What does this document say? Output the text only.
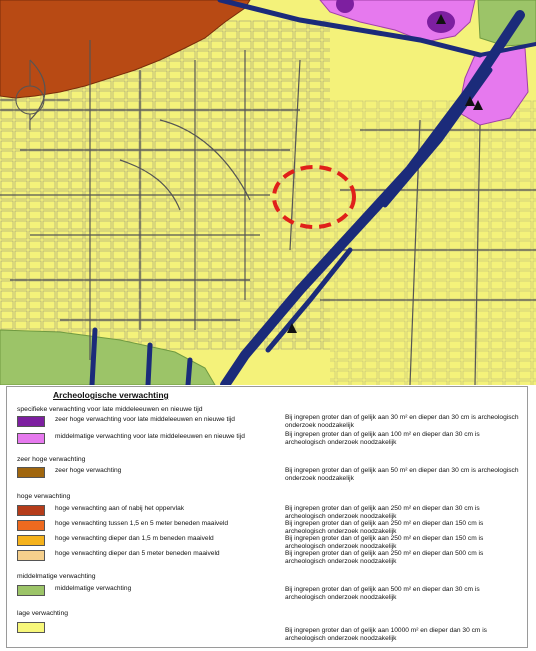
Archeologische verwachting
specifieke verwachting voor late middeleeuwen en nieuwe tijd
zeer hoge verwachting voor late middeleeuwen en nieuwe tijd	Bij ingrepen groter dan of gelijk aan 30 m² en dieper dan 30 cm is archeologisch onderzoek noodzakelijk
middelmatige verwachting voor late middeleeuwen en nieuwe tijd	Bij ingrepen groter dan of gelijk aan 100 m² en dieper dan 30 cm is archeologisch onderzoek noodzakelijk
zeer hoge verwachting
zeer hoge verwachting	Bij ingrepen groter dan of gelijk aan 50 m² en dieper dan 30 cm is archeologisch onderzoek noodzakelijk
hoge verwachting
hoge verwachting aan of nabij het oppervlak	Bij ingrepen groter dan of gelijk aan 250 m² en dieper dan 30 cm is archeologisch onderzoek noodzakelijk
hoge verwachting tussen 1,5 en 5 meter beneden maaiveld	Bij ingrepen groter dan of gelijk aan 250 m² en dieper dan 150 cm is archeologisch onderzoek noodzakelijk
hoge verwachting dieper dan 1,5 m beneden maaiveld	Bij ingrepen groter dan of gelijk aan 250 m² en dieper dan 150 cm is archeologisch onderzoek noodzakelijk
hoge verwachting dieper dan 5 meter beneden maaiveld	Bij ingrepen groter dan of gelijk aan 250 m² en dieper dan 500 cm is archeologisch onderzoek noodzakelijk
middelmatige verwachting
middelmatige verwachting	Bij ingrepen groter dan of gelijk aan 500 m² en dieper dan 30 cm is archeologisch onderzoek noodzakelijk
lage verwachting
Bij ingrepen groter dan of gelijk aan 10000 m² en dieper dan 30 cm is archeologisch onderzoek noodzakelijk
